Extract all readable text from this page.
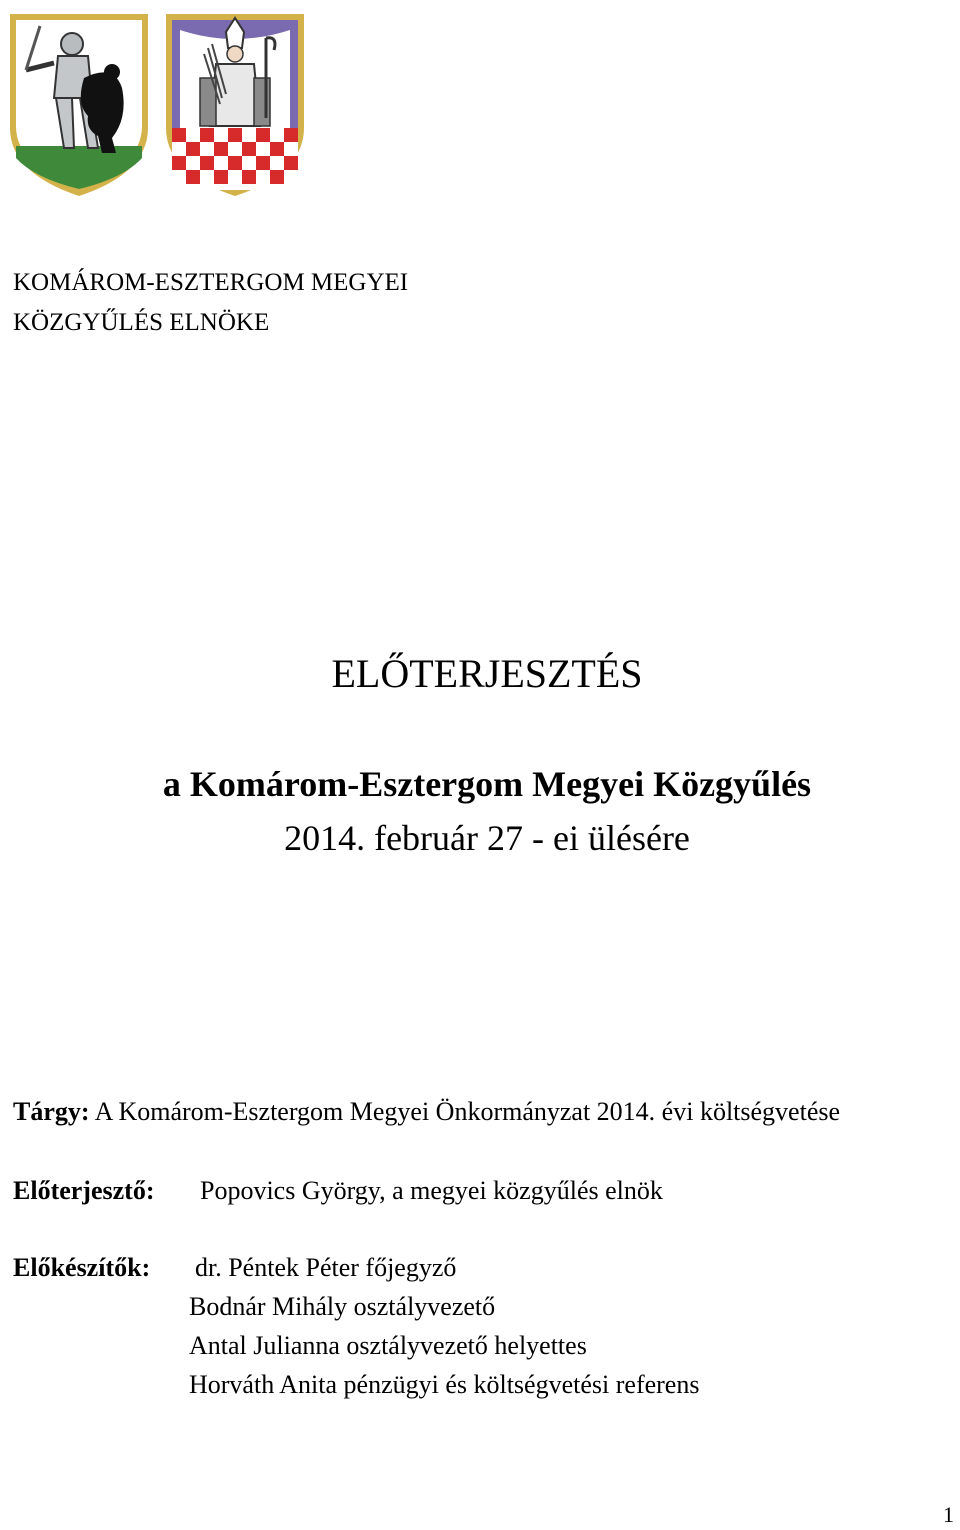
KOMÁROM-ESZTERGOM MEGYEI
KÖZGYŰLÉS ELNÖKE
ELŐTERJESZTÉS
a Komárom-Esztergom Megyei Közgyűlés
2014. február 27 - ei ülésére
Tárgy: A Komárom-Esztergom Megyei Önkormányzat 2014. évi költségvetése
Előterjesztő: Popovics György, a megyei közgyűlés elnök
Előkészítők: dr. Péntek Péter főjegyző
Bodnár Mihály osztályvezető
Antal Julianna osztályvezető helyettes
Horváth Anita pénzügyi és költségvetési referens
1
